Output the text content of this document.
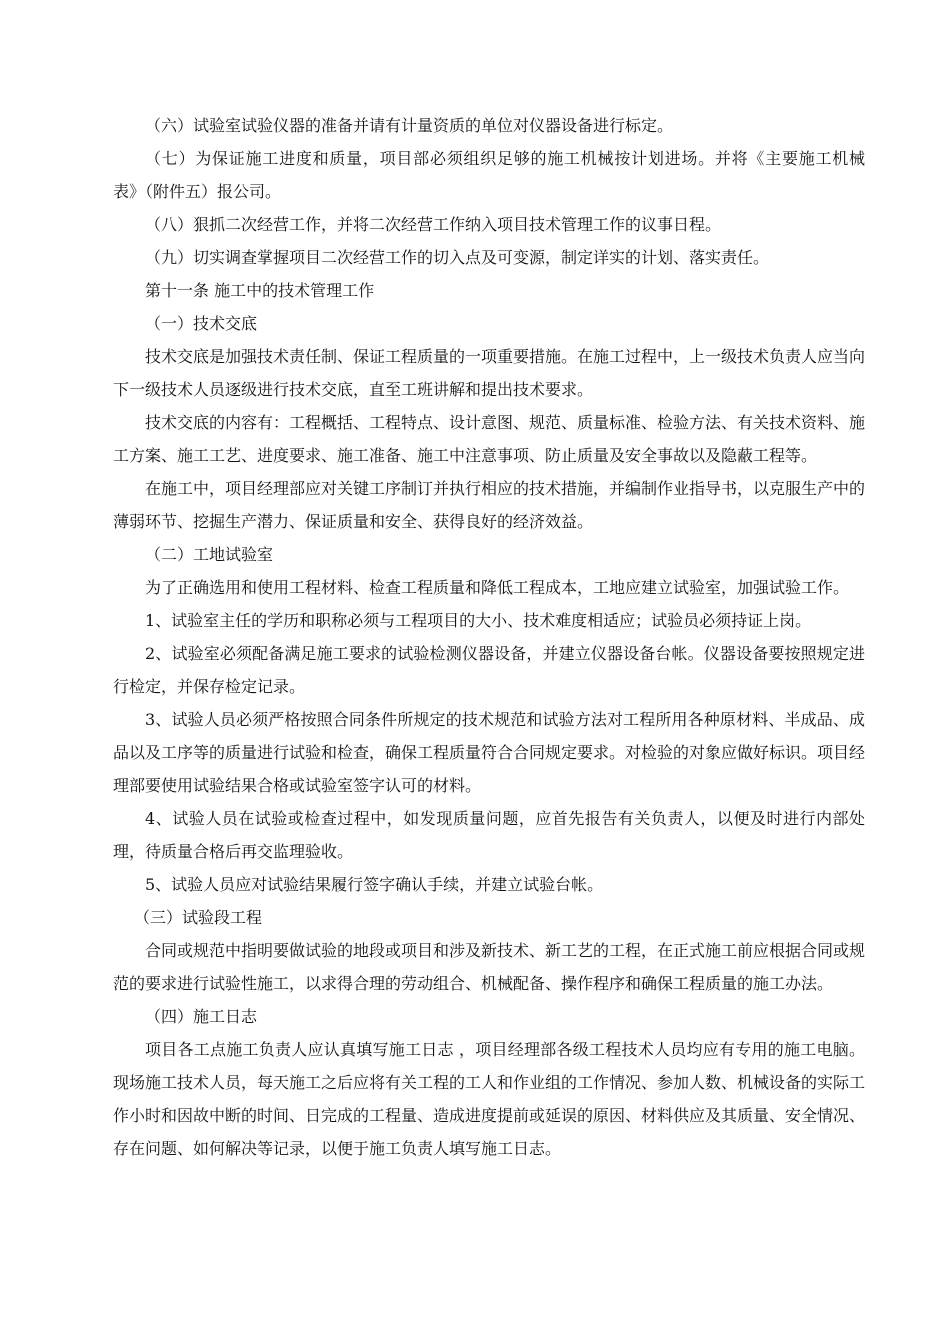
（六）试验室试验仪器的准备并请有计量资质的单位对仪器设备进行标定。

（七）为保证施工进度和质量，项目部必须组织足够的施工机械按计划进场。并将《主要施工机械表》（附件五）报公司。

（八）狠抓二次经营工作，并将二次经营工作纳入项目技术管理工作的议事日程。

（九）切实调查掌握项目二次经营工作的切入点及可变源，制定详实的计划、落实责任。

第十一条 施工中的技术管理工作

（一）技术交底

技术交底是加强技术责任制、保证工程质量的一项重要措施。在施工过程中，上一级技术负责人应当向下一级技术人员逐级进行技术交底，直至工班讲解和提出技术要求。

技术交底的内容有：工程概括、工程特点、设计意图、规范、质量标准、检验方法、有关技术资料、施工方案、施工工艺、进度要求、施工准备、施工中注意事项、防止质量及安全事故以及隐蔽工程等。

在施工中，项目经理部应对关键工序制订并执行相应的技术措施，并编制作业指导书，以克服生产中的薄弱环节、挖掘生产潜力、保证质量和安全、获得良好的经济效益。

（二）工地试验室

为了正确选用和使用工程材料、检查工程质量和降低工程成本，工地应建立试验室，加强试验工作。

1、试验室主任的学历和职称必须与工程项目的大小、技术难度相适应；试验员必须持证上岗。

2、试验室必须配备满足施工要求的试验检测仪器设备，并建立仪器设备台帐。仪器设备要按照规定进行检定，并保存检定记录。

3、试验人员必须严格按照合同条件所规定的技术规范和试验方法对工程所用各种原材料、半成品、成品以及工序等的质量进行试验和检查，确保工程质量符合合同规定要求。对检验的对象应做好标识。项目经理部要使用试验结果合格或试验室签字认可的材料。

4、试验人员在试验或检查过程中，如发现质量问题，应首先报告有关负责人，以便及时进行内部处理，待质量合格后再交监理验收。

5、试验人员应对试验结果履行签字确认手续，并建立试验台帐。

（三）试验段工程

合同或规范中指明要做试验的地段或项目和涉及新技术、新工艺的工程，在正式施工前应根据合同或规范的要求进行试验性施工，以求得合理的劳动组合、机械配备、操作程序和确保工程质量的施工办法。

（四）施工日志

项目各工点施工负责人应认真填写施工日志 ，项目经理部各级工程技术人员均应有专用的施工电脑。现场施工技术人员，每天施工之后应将有关工程的工人和作业组的工作情况、参加人数、机械设备的实际工作小时和因故中断的时间、日完成的工程量、造成进度提前或延误的原因、材料供应及其质量、安全情况、存在问题、如何解决等记录，以便于施工负责人填写施工日志。
